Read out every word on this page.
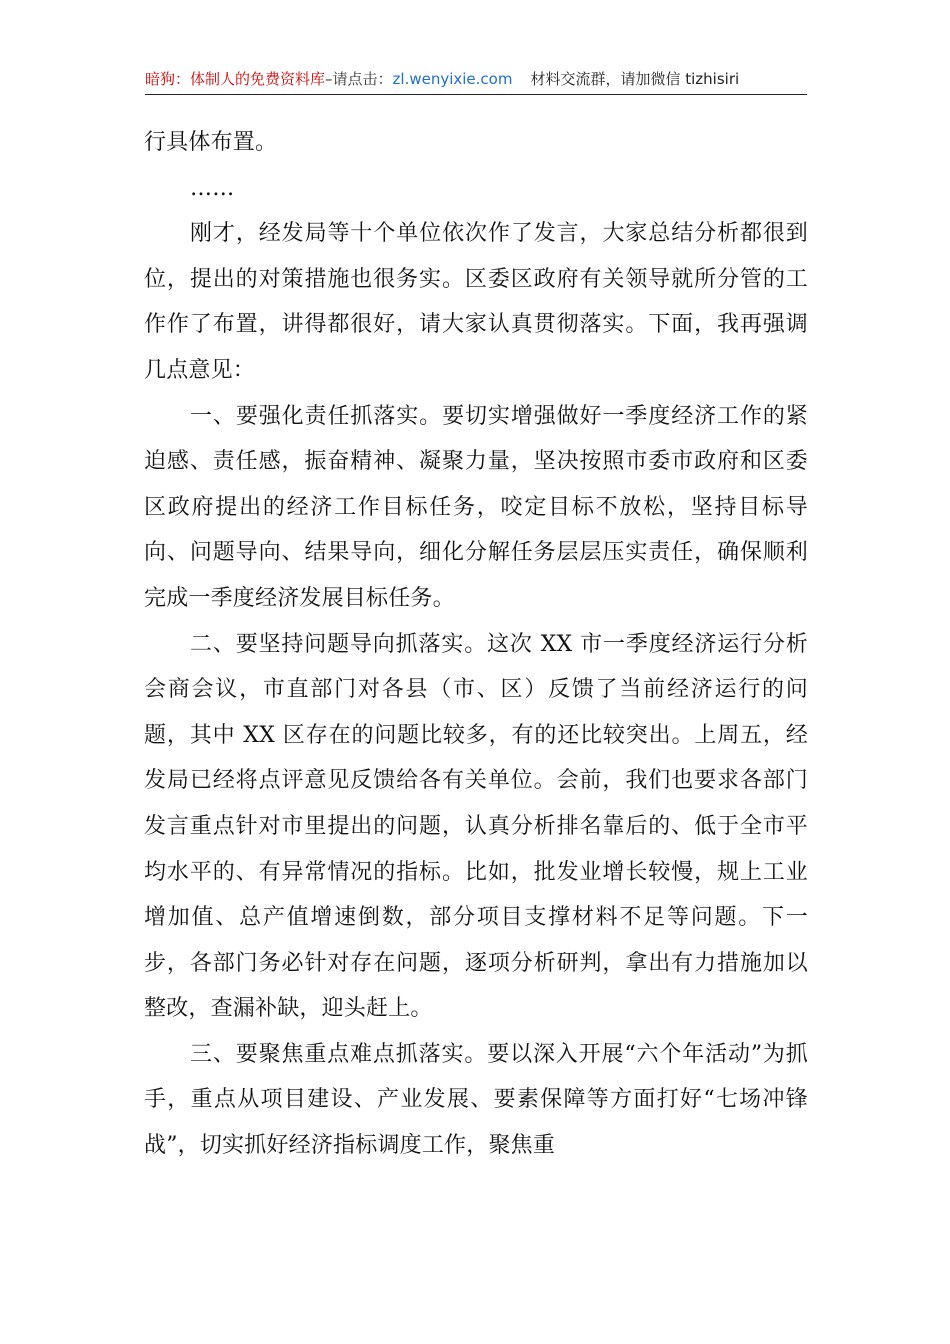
暗狗：体制人的免费资料库–请点击：zl.wenyixie.com 材料交流群，请加微信 tizhisiri

行具体布置。

……

刚才，经发局等十个单位依次作了发言，大家总结分析都很到位，提出的对策措施也很务实。区委区政府有关领导就所分管的工作作了布置，讲得都很好，请大家认真贯彻落实。下面，我再强调几点意见：

一、要强化责任抓落实。要切实增强做好一季度经济工作的紧迫感、责任感，振奋精神、凝聚力量，坚决按照市委市政府和区委区政府提出的经济工作目标任务，咬定目标不放松，坚持目标导向、问题导向、结果导向，细化分解任务层层压实责任，确保顺利完成一季度经济发展目标任务。

二、要坚持问题导向抓落实。这次 XX 市一季度经济运行分析会商会议，市直部门对各县（市、区）反馈了当前经济运行的问题，其中 XX 区存在的问题比较多，有的还比较突出。上周五，经发局已经将点评意见反馈给各有关单位。会前，我们也要求各部门发言重点针对市里提出的问题，认真分析排名靠后的、低于全市平均水平的、有异常情况的指标。比如，批发业增长较慢，规上工业增加值、总产值增速倒数，部分项目支撑材料不足等问题。下一步，各部门务必针对存在问题，逐项分析研判，拿出有力措施加以整改，查漏补缺，迎头赶上。

三、要聚焦重点难点抓落实。要以深入开展“六个年活动”为抓手，重点从项目建设、产业发展、要素保障等方面打好“七场冲锋战”，切实抓好经济指标调度工作，聚焦重
